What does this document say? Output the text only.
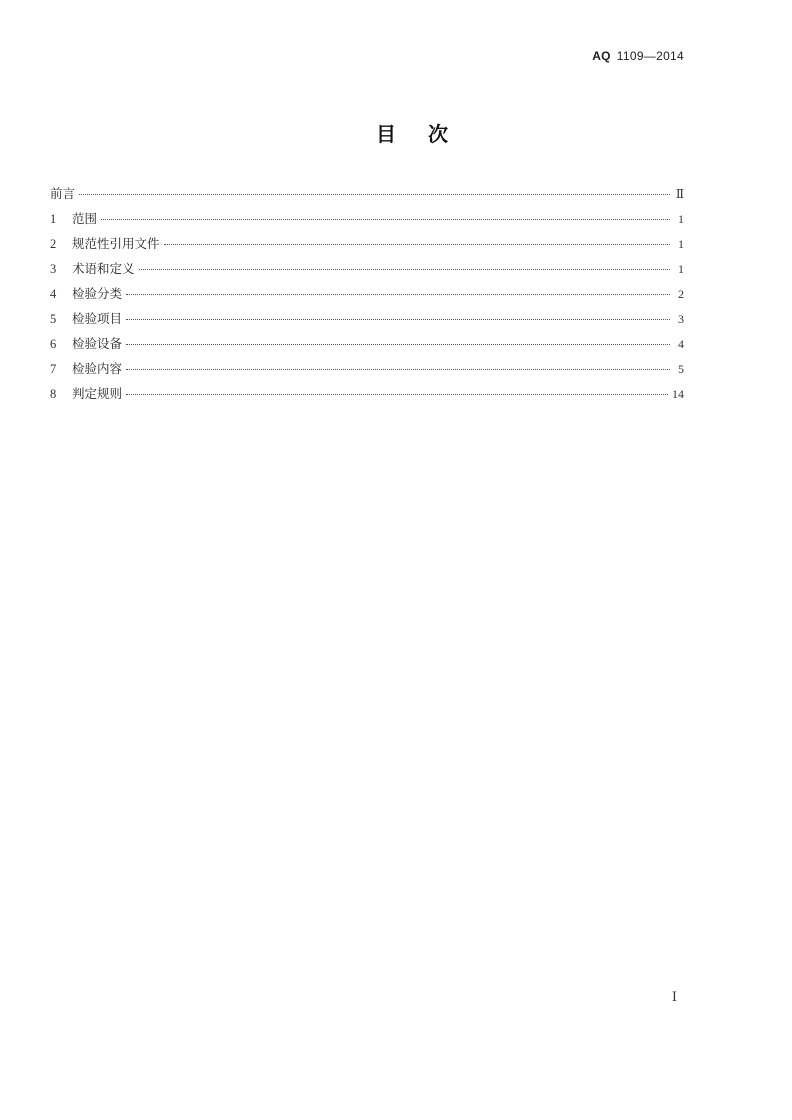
AQ 1109—2014
目次
前言	Ⅱ
1	范围	1
2	规范性引用文件	1
3	术语和定义	1
4	检验分类	2
5	检验项目	3
6	检验设备	4
7	检验内容	5
8	判定规则	14
Ⅰ
